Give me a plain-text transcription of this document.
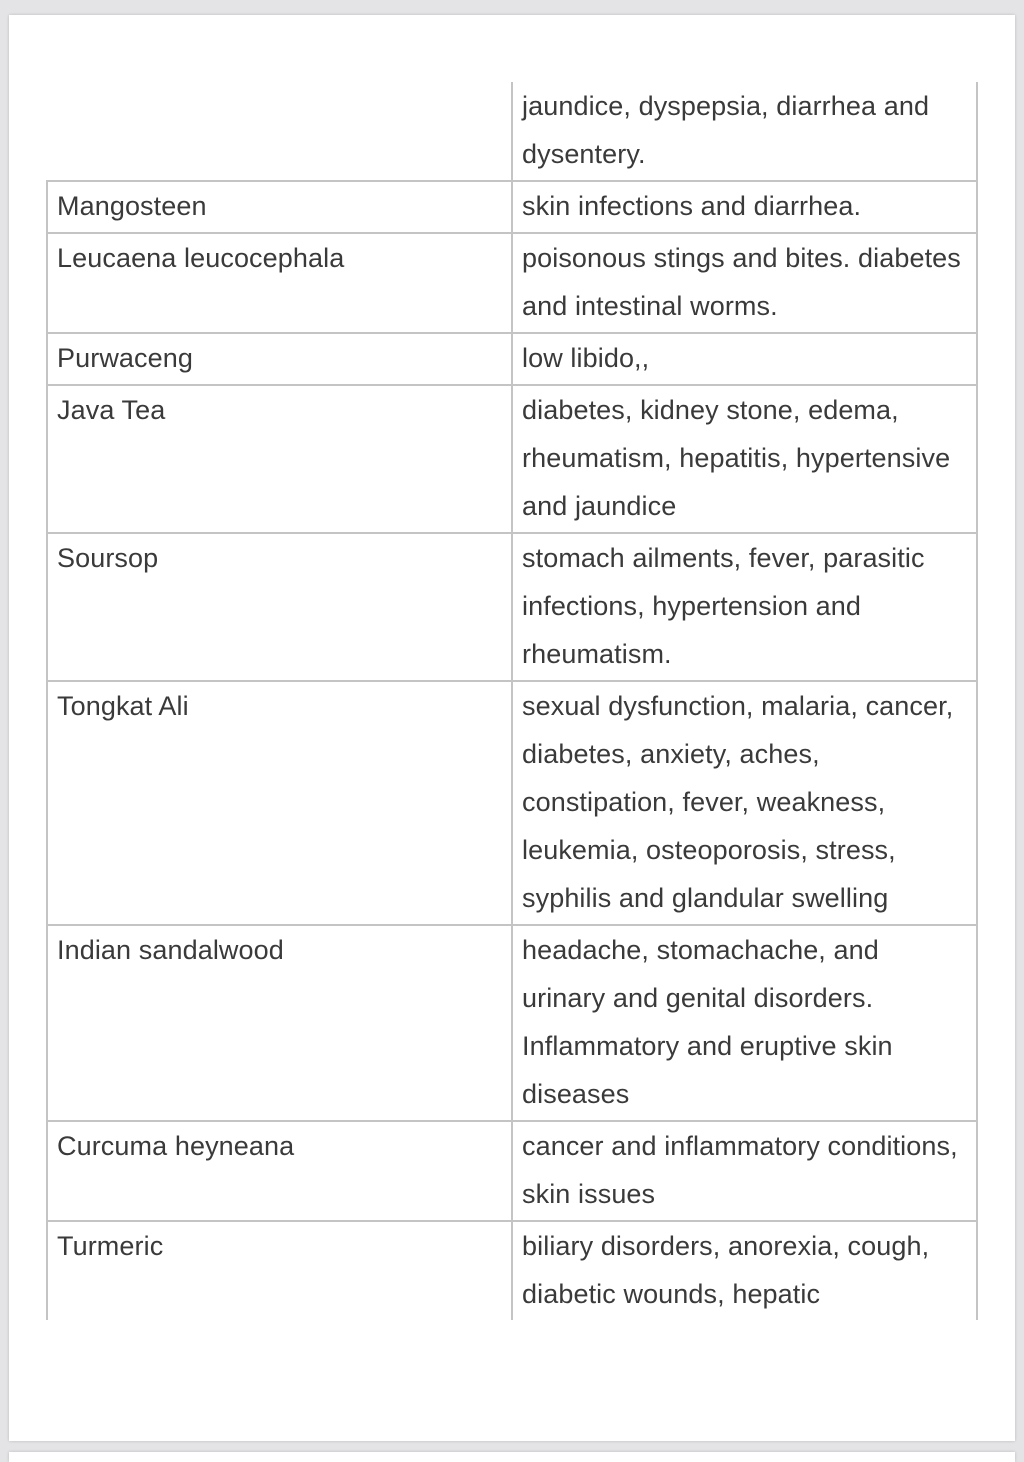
	jaundice, dyspepsia, diarrhea and dysentery.

Mangosteen	skin infections and diarrhea.

Leucaena leucocephala	poisonous stings and bites. diabetes and intestinal worms.

Purwaceng	low libido,,

Java Tea	diabetes, kidney stone, edema, rheumatism, hepatitis, hypertensive and jaundice

Soursop	stomach ailments, fever, parasitic infections, hypertension and rheumatism.

Tongkat Ali	sexual dysfunction, malaria, cancer, diabetes, anxiety, aches, constipation, fever, weakness, leukemia, osteoporosis, stress, syphilis and glandular swelling

Indian sandalwood	headache, stomachache, and urinary and genital disorders. Inflammatory and eruptive skin diseases

Curcuma heyneana	cancer and inflammatory conditions, skin issues

Turmeric	biliary disorders, anorexia, cough, diabetic wounds, hepatic
